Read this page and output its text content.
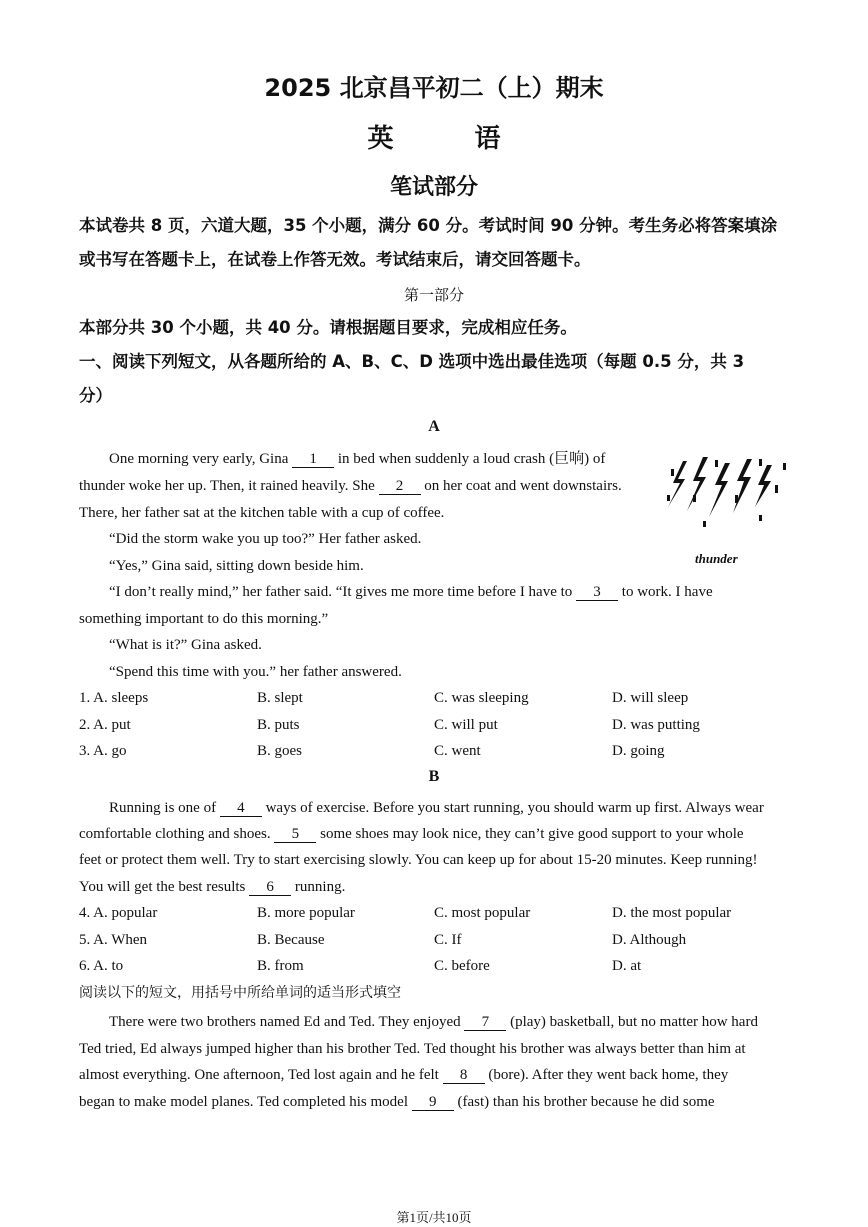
2025 北京昌平初二（上）期末
英 语
笔试部分
本试卷共 8 页，六道大题，35 个小题，满分 60 分。考试时间 90 分钟。考生务必将答案填涂
或书写在答题卡上，在试卷上作答无效。考试结束后，请交回答题卡。
第一部分
本部分共 30 个小题，共 40 分。请根据题目要求，完成相应任务。
一、阅读下列短文，从各题所给的 A、B、C、D 选项中选出最佳选项（每题 0.5 分，共 3
分）
A
thunder
One morning very early, Gina 1 in bed when suddenly a loud crash (巨响) of
thunder woke her up. Then, it rained heavily. She 2 on her coat and went downstairs.
There, her father sat at the kitchen table with a cup of coffee.
“Did the storm wake you up too?” Her father asked.
“Yes,” Gina said, sitting down beside him.
“I don’t really mind,” her father said. “It gives me more time before I have to 3 to work. I have
something important to do this morning.”
“What is it?” Gina asked.
“Spend this time with you.” her father answered.
1. A. sleeps	B. slept	C. was sleeping	D. will sleep
2. A. put	B. puts	C. will put	D. was putting
3. A. go	B. goes	C. went	D. going
B
Running is one of 4 ways of exercise. Before you start running, you should warm up first. Always wear
comfortable clothing and shoes. 5 some shoes may look nice, they can’t give good support to your whole
feet or protect them well. Try to start exercising slowly. You can keep up for about 15-20 minutes. Keep running!
You will get the best results 6 running.
4. A. popular	B. more popular	C. most popular	D. the most popular
5. A. When	B. Because	C. If	D. Although
6. A. to	B. from	C. before	D. at
阅读以下的短文，用括号中所给单词的适当形式填空
There were two brothers named Ed and Ted. They enjoyed 7 (play) basketball, but no matter how hard
Ted tried, Ed always jumped higher than his brother Ted. Ted thought his brother was always better than him at
almost everything. One afternoon, Ted lost again and he felt 8 (bore). After they went back home, they
began to make model planes. Ted completed his model 9 (fast) than his brother because he did some
第1页/共10页
